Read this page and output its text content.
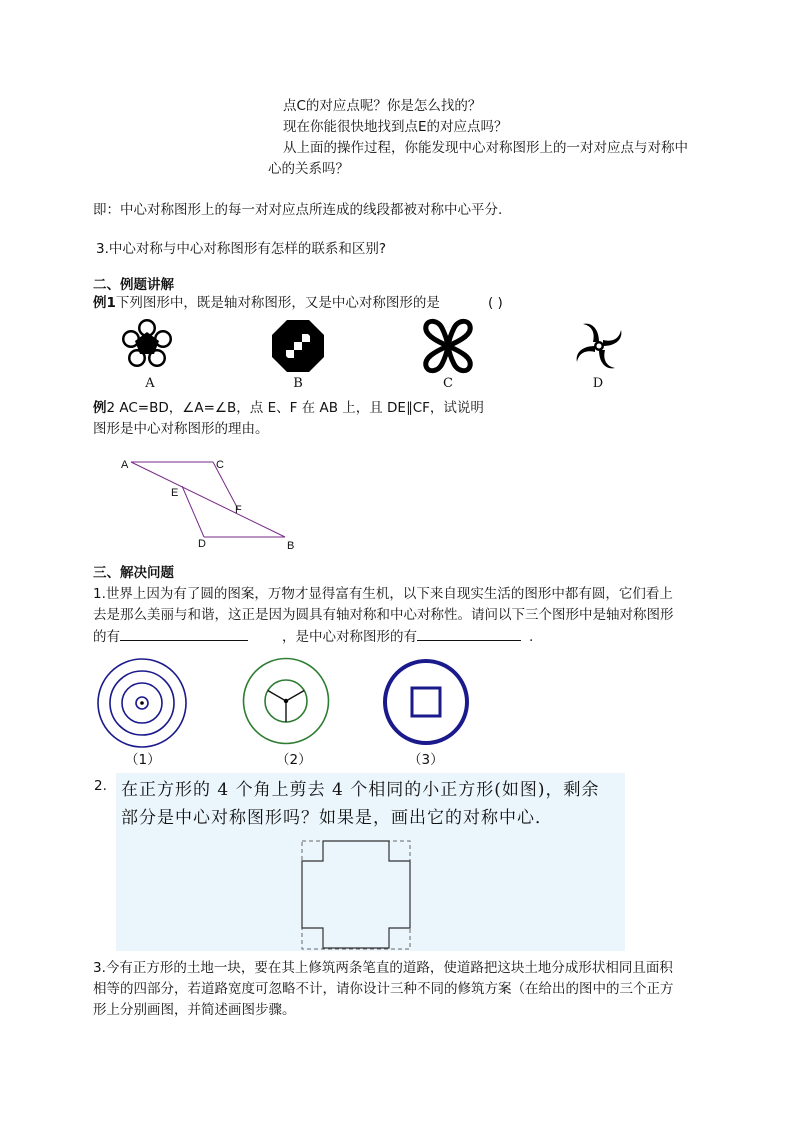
点C的对应点呢？你是怎么找的？
现在你能很快地找到点E的对应点吗？
从上面的操作过程，你能发现中心对称图形上的一对对应点与对称中
心的关系吗？
即：中心对称图形上的每一对对应点所连成的线段都被对称中心平分.
3.中心对称与中心对称图形有怎样的联系和区别?
二、例题讲解
例1下列图形中，既是轴对称图形，又是中心对称图形的是	( )
A	B	C	D
例2 AC=BD，∠A=∠B，点 E、F 在 AB 上，且 DE∥CF，试说明
图形是中心对称图形的理由。
A	C
E
F
D	B
三、解决问题
1.世界上因为有了圆的图案，万物才显得富有生机，以下来自现实生活的图形中都有圆，它们看上
去是那么美丽与和谐，这正是因为圆具有轴对称和中心对称性。请问以下三个图形中是轴对称图形
的有	，是中心对称图形的有	.
（1）	（2）	（3）
2. 在正方形的 4 个角上剪去 4 个相同的小正方形(如图)，剩余
部分是中心对称图形吗？如果是，画出它的对称中心．
3.今有正方形的土地一块，要在其上修筑两条笔直的道路，使道路把这块土地分成形状相同且面积
相等的四部分，若道路宽度可忽略不计，请你设计三种不同的修筑方案（在给出的图中的三个正方
形上分别画图，并简述画图步骤。
